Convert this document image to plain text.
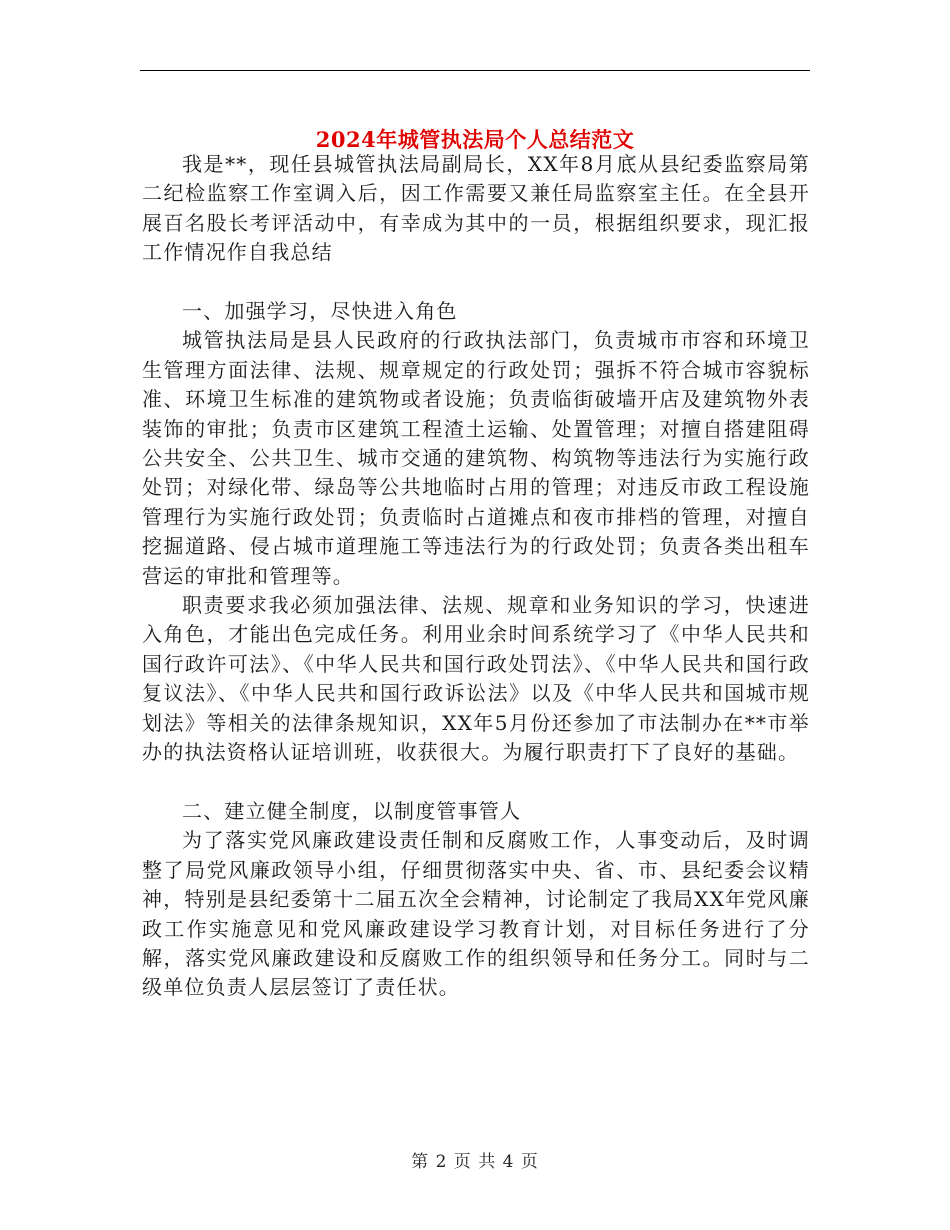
2024年城管执法局个人总结范文

我是**，现任县城管执法局副局长，XX年8月底从县纪委监察局第二纪检监察工作室调入后，因工作需要又兼任局监察室主任。在全县开展百名股长考评活动中，有幸成为其中的一员，根据组织要求，现汇报工作情况作自我总结

一、加强学习，尽快进入角色

城管执法局是县人民政府的行政执法部门，负责城市市容和环境卫生管理方面法律、法规、规章规定的行政处罚；强拆不符合城市容貌标准、环境卫生标准的建筑物或者设施；负责临街破墙开店及建筑物外表装饰的审批；负责市区建筑工程渣土运输、处置管理；对擅自搭建阻碍公共安全、公共卫生、城市交通的建筑物、构筑物等违法行为实施行政处罚；对绿化带、绿岛等公共地临时占用的管理；对违反市政工程设施管理行为实施行政处罚；负责临时占道摊点和夜市排档的管理，对擅自挖掘道路、侵占城市道理施工等违法行为的行政处罚；负责各类出租车营运的审批和管理等。

职责要求我必须加强法律、法规、规章和业务知识的学习，快速进入角色，才能出色完成任务。利用业余时间系统学习了《中华人民共和国行政许可法》、《中华人民共和国行政处罚法》、《中华人民共和国行政复议法》、《中华人民共和国行政诉讼法》以及《中华人民共和国城市规划法》等相关的法律条规知识，XX年5月份还参加了市法制办在**市举办的执法资格认证培训班，收获很大。为履行职责打下了良好的基础。

二、建立健全制度，以制度管事管人

为了落实党风廉政建设责任制和反腐败工作，人事变动后，及时调整了局党风廉政领导小组，仔细贯彻落实中央、省、市、县纪委会议精神，特别是县纪委第十二届五次全会精神，讨论制定了我局XX年党风廉政工作实施意见和党风廉政建设学习教育计划，对目标任务进行了分解，落实党风廉政建设和反腐败工作的组织领导和任务分工。同时与二级单位负责人层层签订了责任状。

第 2 页 共 4 页
